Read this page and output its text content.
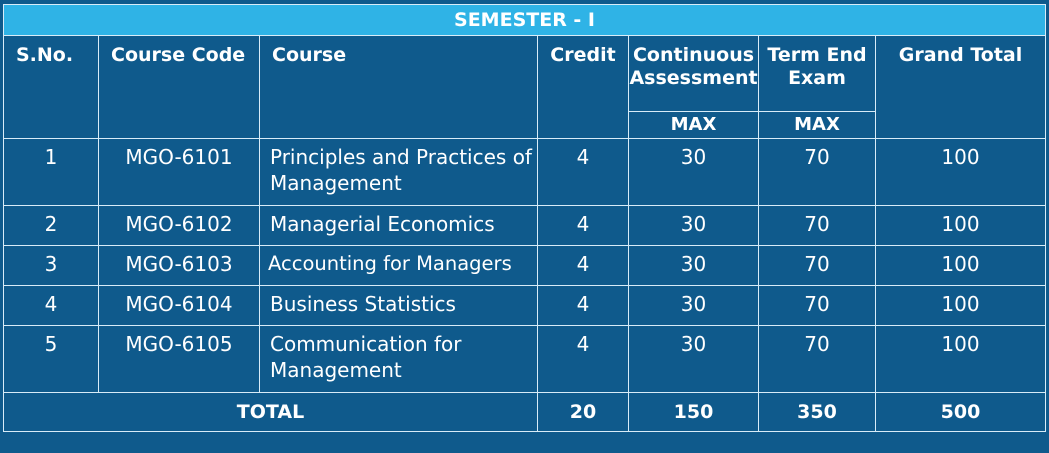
SEMESTER - I						
S.No.	Course Code	Course	Credit	Continuous Assessment	Term End Exam	Grand Total
				MAX	MAX	
1	MGO-6101	Principles and Practices of Management	4	30	70	100
2	MGO-6102	Managerial Economics	4	30	70	100
3	MGO-6103	Accounting for Managers	4	30	70	100
4	MGO-6104	Business Statistics	4	30	70	100
5	MGO-6105	Communication for Management	4	30	70	100
TOTAL			20	150	350	500
